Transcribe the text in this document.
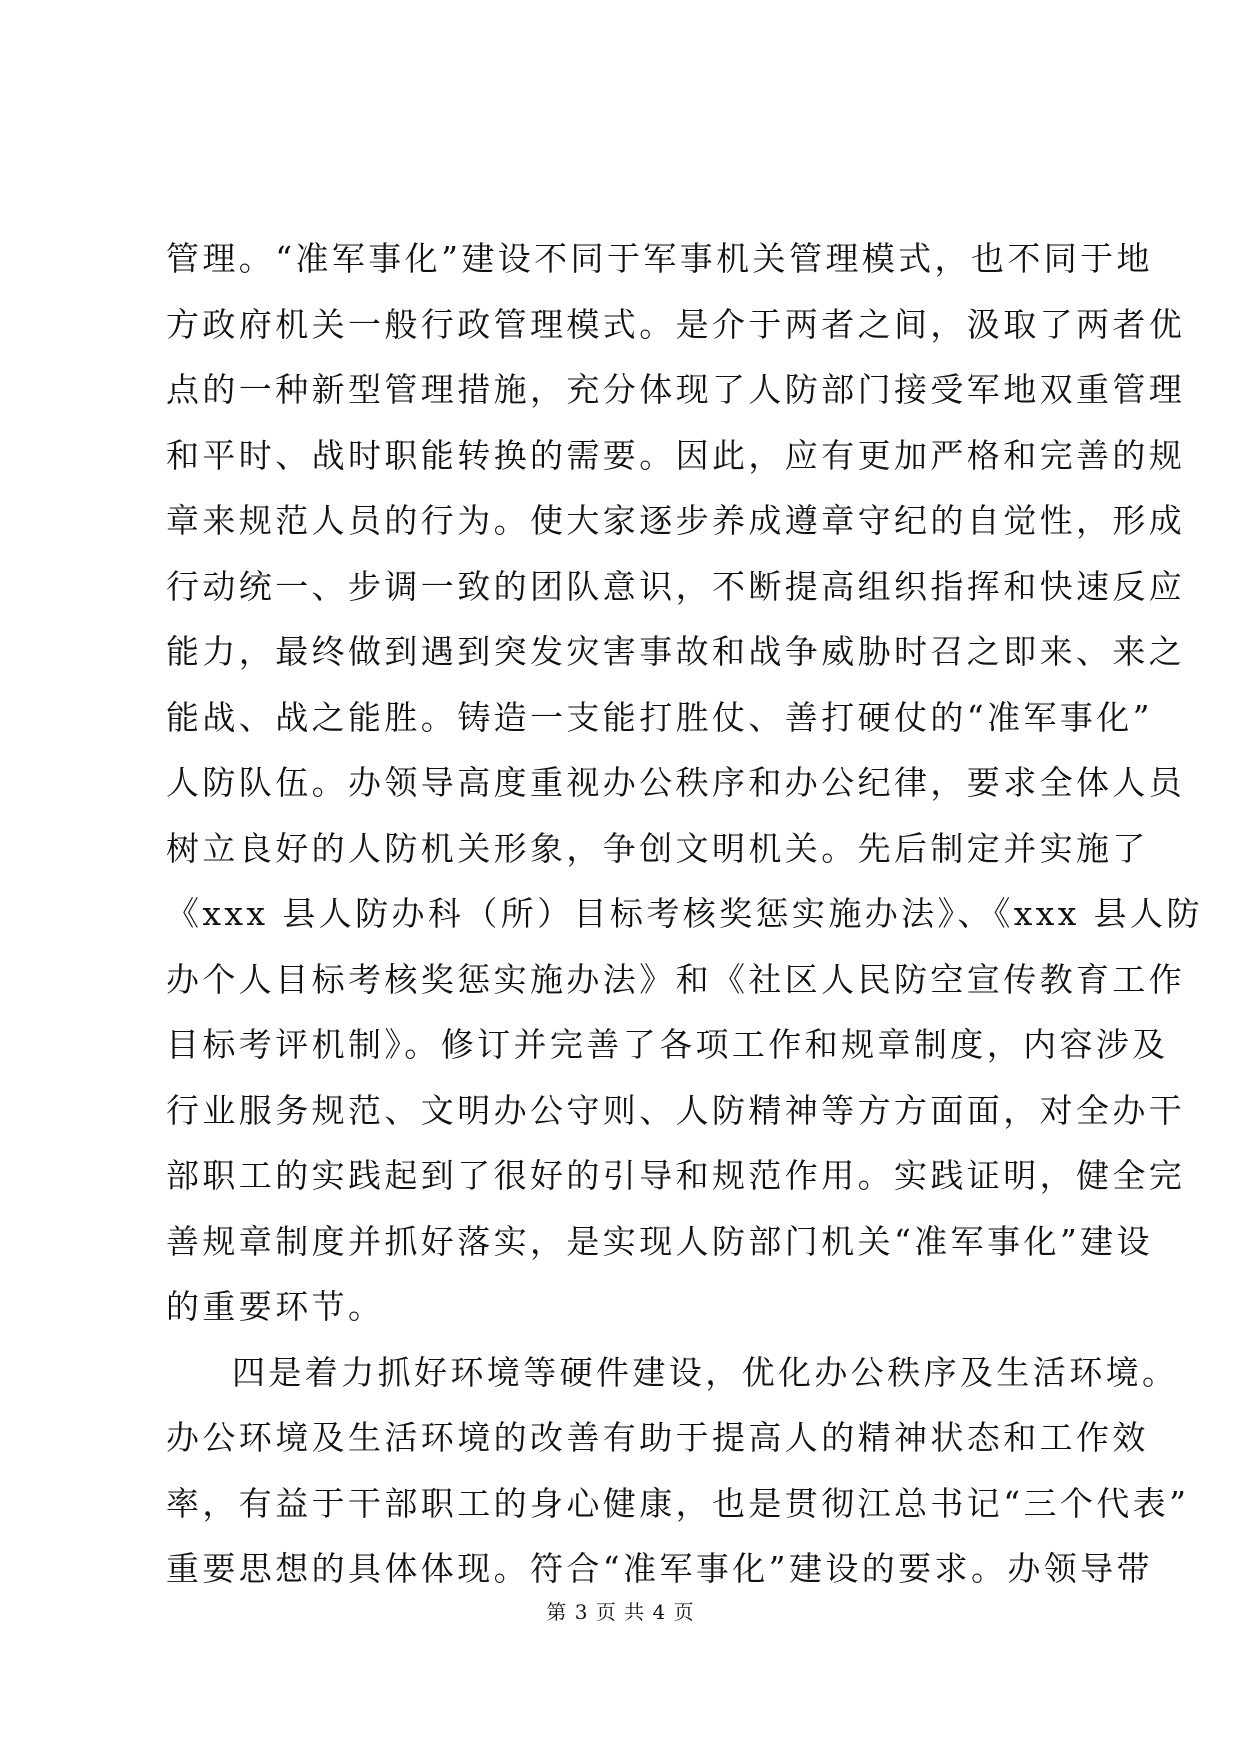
管理。“准军事化”建设不同于军事机关管理模式，也不同于地
方政府机关一般行政管理模式。是介于两者之间，汲取了两者优
点的一种新型管理措施，充分体现了人防部门接受军地双重管理
和平时、战时职能转换的需要。因此，应有更加严格和完善的规
章来规范人员的行为。使大家逐步养成遵章守纪的自觉性，形成
行动统一、步调一致的团队意识，不断提高组织指挥和快速反应
能力，最终做到遇到突发灾害事故和战争威胁时召之即来、来之
能战、战之能胜。铸造一支能打胜仗、善打硬仗的“准军事化”
人防队伍。办领导高度重视办公秩序和办公纪律，要求全体人员
树立良好的人防机关形象，争创文明机关。先后制定并实施了
《xxx 县人防办科（所）目标考核奖惩实施办法》、《xxx 县人防
办个人目标考核奖惩实施办法》和《社区人民防空宣传教育工作
目标考评机制》。修订并完善了各项工作和规章制度，内容涉及
行业服务规范、文明办公守则、人防精神等方方面面，对全办干
部职工的实践起到了很好的引导和规范作用。实践证明，健全完
善规章制度并抓好落实，是实现人防部门机关“准军事化”建设
的重要环节。
四是着力抓好环境等硬件建设，优化办公秩序及生活环境。
办公环境及生活环境的改善有助于提高人的精神状态和工作效
率，有益于干部职工的身心健康，也是贯彻江总书记“三个代表”
重要思想的具体体现。符合“准军事化”建设的要求。办领导带
第 3 页 共 4 页
